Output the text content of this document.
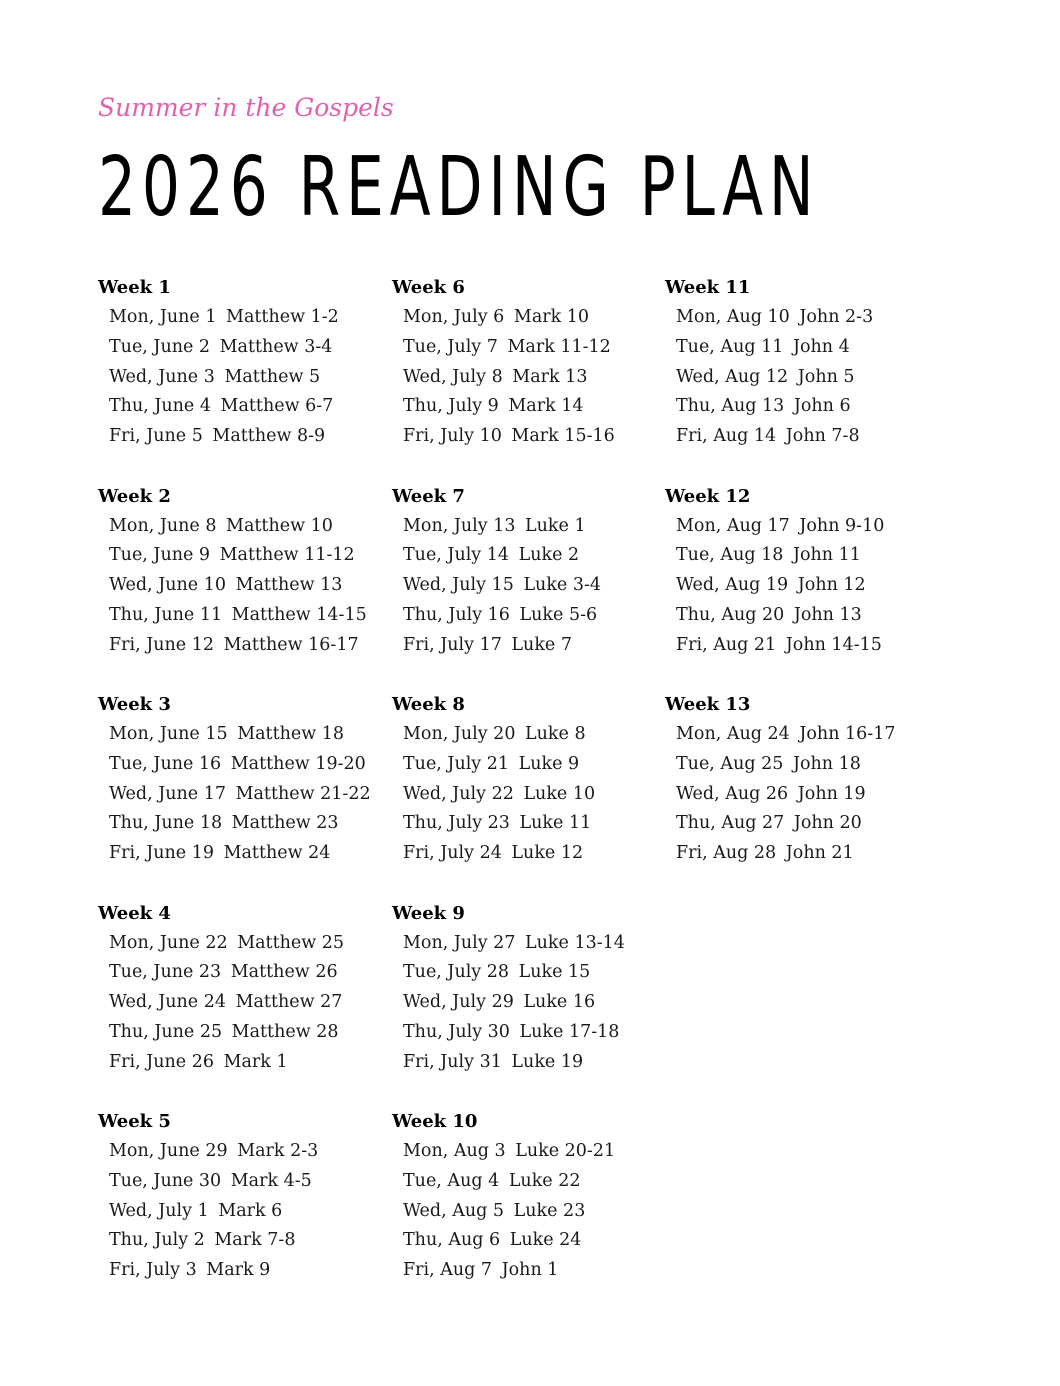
Summer in the Gospels
2026 READING PLAN
Week 1
Mon, June 1 Matthew 1-2
Tue, June 2 Matthew 3-4
Wed, June 3 Matthew 5
Thu, June 4 Matthew 6-7
Fri, June 5 Matthew 8-9
Week 2
Mon, June 8 Matthew 10
Tue, June 9 Matthew 11-12
Wed, June 10 Matthew 13
Thu, June 11 Matthew 14-15
Fri, June 12 Matthew 16-17
Week 3
Mon, June 15 Matthew 18
Tue, June 16 Matthew 19-20
Wed, June 17 Matthew 21-22
Thu, June 18 Matthew 23
Fri, June 19 Matthew 24
Week 4
Mon, June 22 Matthew 25
Tue, June 23 Matthew 26
Wed, June 24 Matthew 27
Thu, June 25 Matthew 28
Fri, June 26 Mark 1
Week 5
Mon, June 29 Mark 2-3
Tue, June 30 Mark 4-5
Wed, July 1 Mark 6
Thu, July 2 Mark 7-8
Fri, July 3 Mark 9
Week 6
Mon, July 6 Mark 10
Tue, July 7 Mark 11-12
Wed, July 8 Mark 13
Thu, July 9 Mark 14
Fri, July 10 Mark 15-16
Week 7
Mon, July 13 Luke 1
Tue, July 14 Luke 2
Wed, July 15 Luke 3-4
Thu, July 16 Luke 5-6
Fri, July 17 Luke 7
Week 8
Mon, July 20 Luke 8
Tue, July 21 Luke 9
Wed, July 22 Luke 10
Thu, July 23 Luke 11
Fri, July 24 Luke 12
Week 9
Mon, July 27 Luke 13-14
Tue, July 28 Luke 15
Wed, July 29 Luke 16
Thu, July 30 Luke 17-18
Fri, July 31 Luke 19
Week 10
Mon, Aug 3 Luke 20-21
Tue, Aug 4 Luke 22
Wed, Aug 5 Luke 23
Thu, Aug 6 Luke 24
Fri, Aug 7 John 1
Week 11
Mon, Aug 10 John 2-3
Tue, Aug 11 John 4
Wed, Aug 12 John 5
Thu, Aug 13 John 6
Fri, Aug 14 John 7-8
Week 12
Mon, Aug 17 John 9-10
Tue, Aug 18 John 11
Wed, Aug 19 John 12
Thu, Aug 20 John 13
Fri, Aug 21 John 14-15
Week 13
Mon, Aug 24 John 16-17
Tue, Aug 25 John 18
Wed, Aug 26 John 19
Thu, Aug 27 John 20
Fri, Aug 28 John 21
